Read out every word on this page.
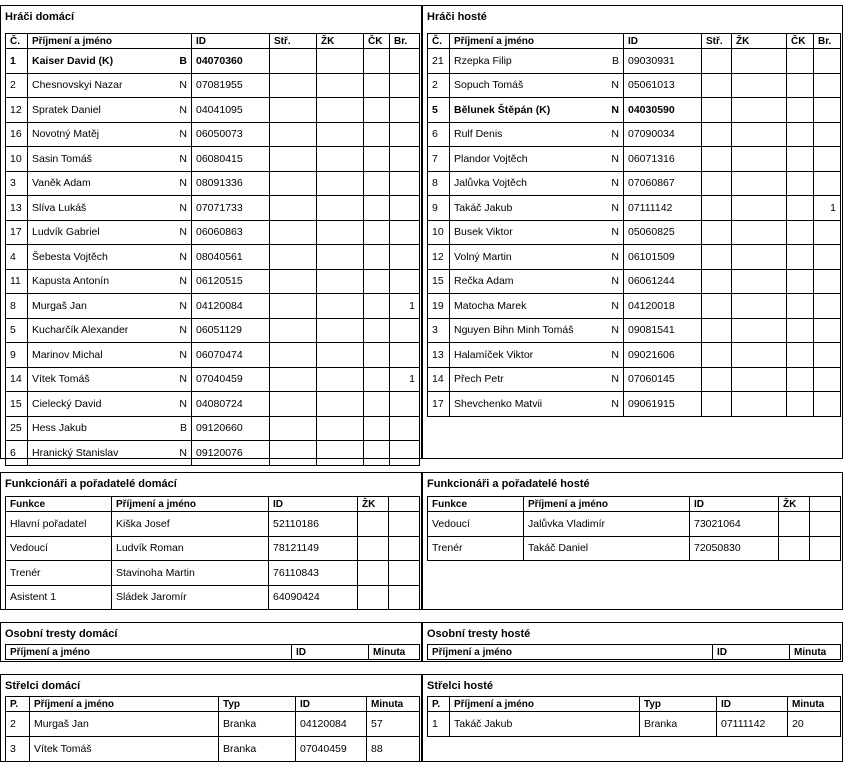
Hráči domácí
Č.	Příjmení a jméno	ID	Stř.	ŽK	ČK	Br.
1	Kaiser David (K) B	04070360				
2	Chesnovskyi Nazar N	07081955				
12	Spratek Daniel N	04041095				
16	Novotný Matěj N	06050073				
10	Sasin Tomáš N	06080415				
3	Vaněk Adam N	08091336				
13	Slíva Lukáš N	07071733				
17	Ludvík Gabriel N	06060863				
4	Šebesta Vojtěch N	08040561				
11	Kapusta Antonín N	06120515				
8	Murgaš Jan N	04120084				1
5	Kucharčík Alexander N	06051129				
9	Marinov Michal N	06070474				
14	Vítek Tomáš N	07040459				1
15	Cielecký David N	04080724				
25	Hess Jakub B	09120660				
6	Hranický Stanislav N	09120076				
Hráči hosté
Č.	Příjmení a jméno	ID	Stř.	ŽK	ČK	Br.
21	Rzepka Filip B	09030931				
2	Sopuch Tomáš N	05061013				
5	Bělunek Štěpán (K) N	04030590				
6	Rulf Denis N	07090034				
7	Plandor Vojtěch N	06071316				
8	Jalůvka Vojtěch N	07060867				
9	Takáč Jakub N	07111142				1
10	Busek Viktor N	05060825				
12	Volný Martin N	06101509				
15	Rečka Adam N	06061244				
19	Matocha Marek N	04120018				
3	Nguyen Bihn Minh Tomáš N	09081541				
13	Halamíček Viktor N	09021606				
14	Přech Petr N	07060145				
17	Shevchenko Matvii N	09061915				
Funkcionáři a pořadatelé domácí
Funkce	Příjmení a jméno	ID	ŽK	
Hlavní pořadatel	Kiška Josef	52110186		
Vedoucí	Ludvík Roman	78121149		
Trenér	Stavinoha Martin	76110843		
Asistent 1	Sládek Jaromír	64090424		
Funkcionáři a pořadatelé hosté
Funkce	Příjmení a jméno	ID	ŽK	
Vedoucí	Jalůvka Vladimír	73021064		
Trenér	Takáč Daniel	72050830		
Osobní tresty domácí
Příjmení a jméno	ID	Minuta
Osobní tresty hosté
Příjmení a jméno	ID	Minuta
Střelci domácí
P.	Příjmení a jméno	Typ	ID	Minuta
2	Murgaš Jan	Branka	04120084	57
3	Vítek Tomáš	Branka	07040459	88
Střelci hosté
P.	Příjmení a jméno	Typ	ID	Minuta
1	Takáč Jakub	Branka	07111142	20
